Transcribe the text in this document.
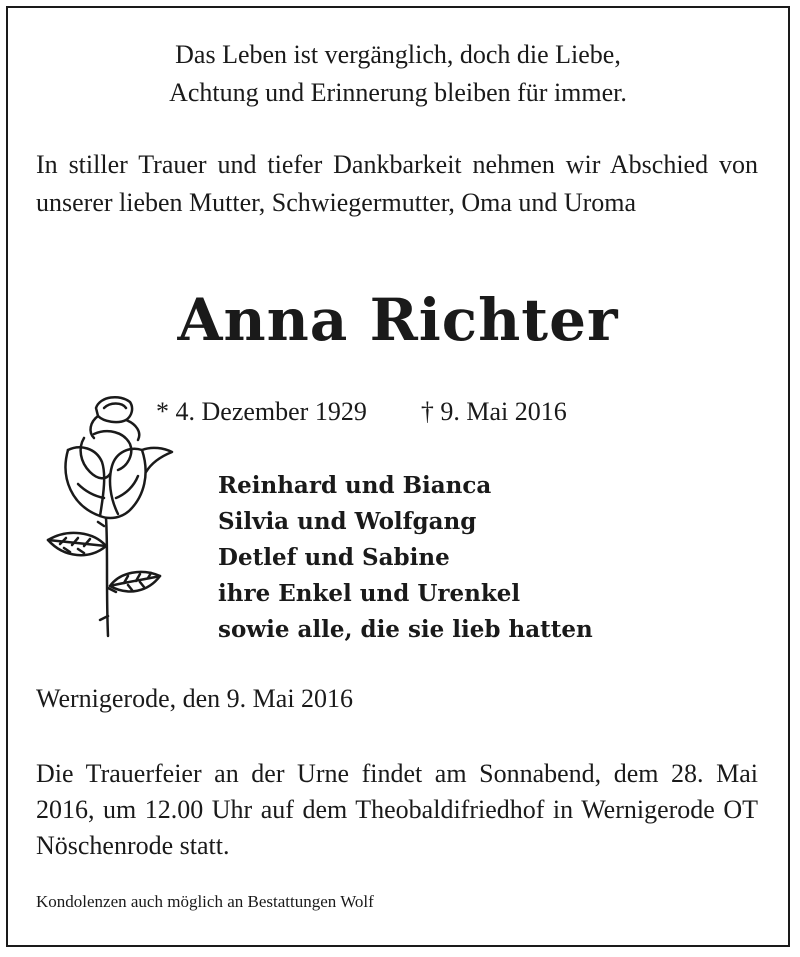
Das Leben ist vergänglich, doch die Liebe,
Achtung und Erinnerung bleiben für immer.
In stiller Trauer und tiefer Dankbarkeit nehmen wir Abschied von unserer lieben Mutter, Schwiegermutter, Oma und Uroma
Anna Richter
* 4. Dezember 1929 † 9. Mai 2016
Reinhard und Bianca
Silvia und Wolfgang
Detlef und Sabine
ihre Enkel und Urenkel
sowie alle, die sie lieb hatten
Wernigerode, den 9. Mai 2016
Die Trauerfeier an der Urne findet am Sonnabend, dem 28. Mai 2016, um 12.00 Uhr auf dem Theobaldifriedhof in Wernigerode OT Nöschenrode statt.
Kondolenzen auch möglich an Bestattungen Wolf
